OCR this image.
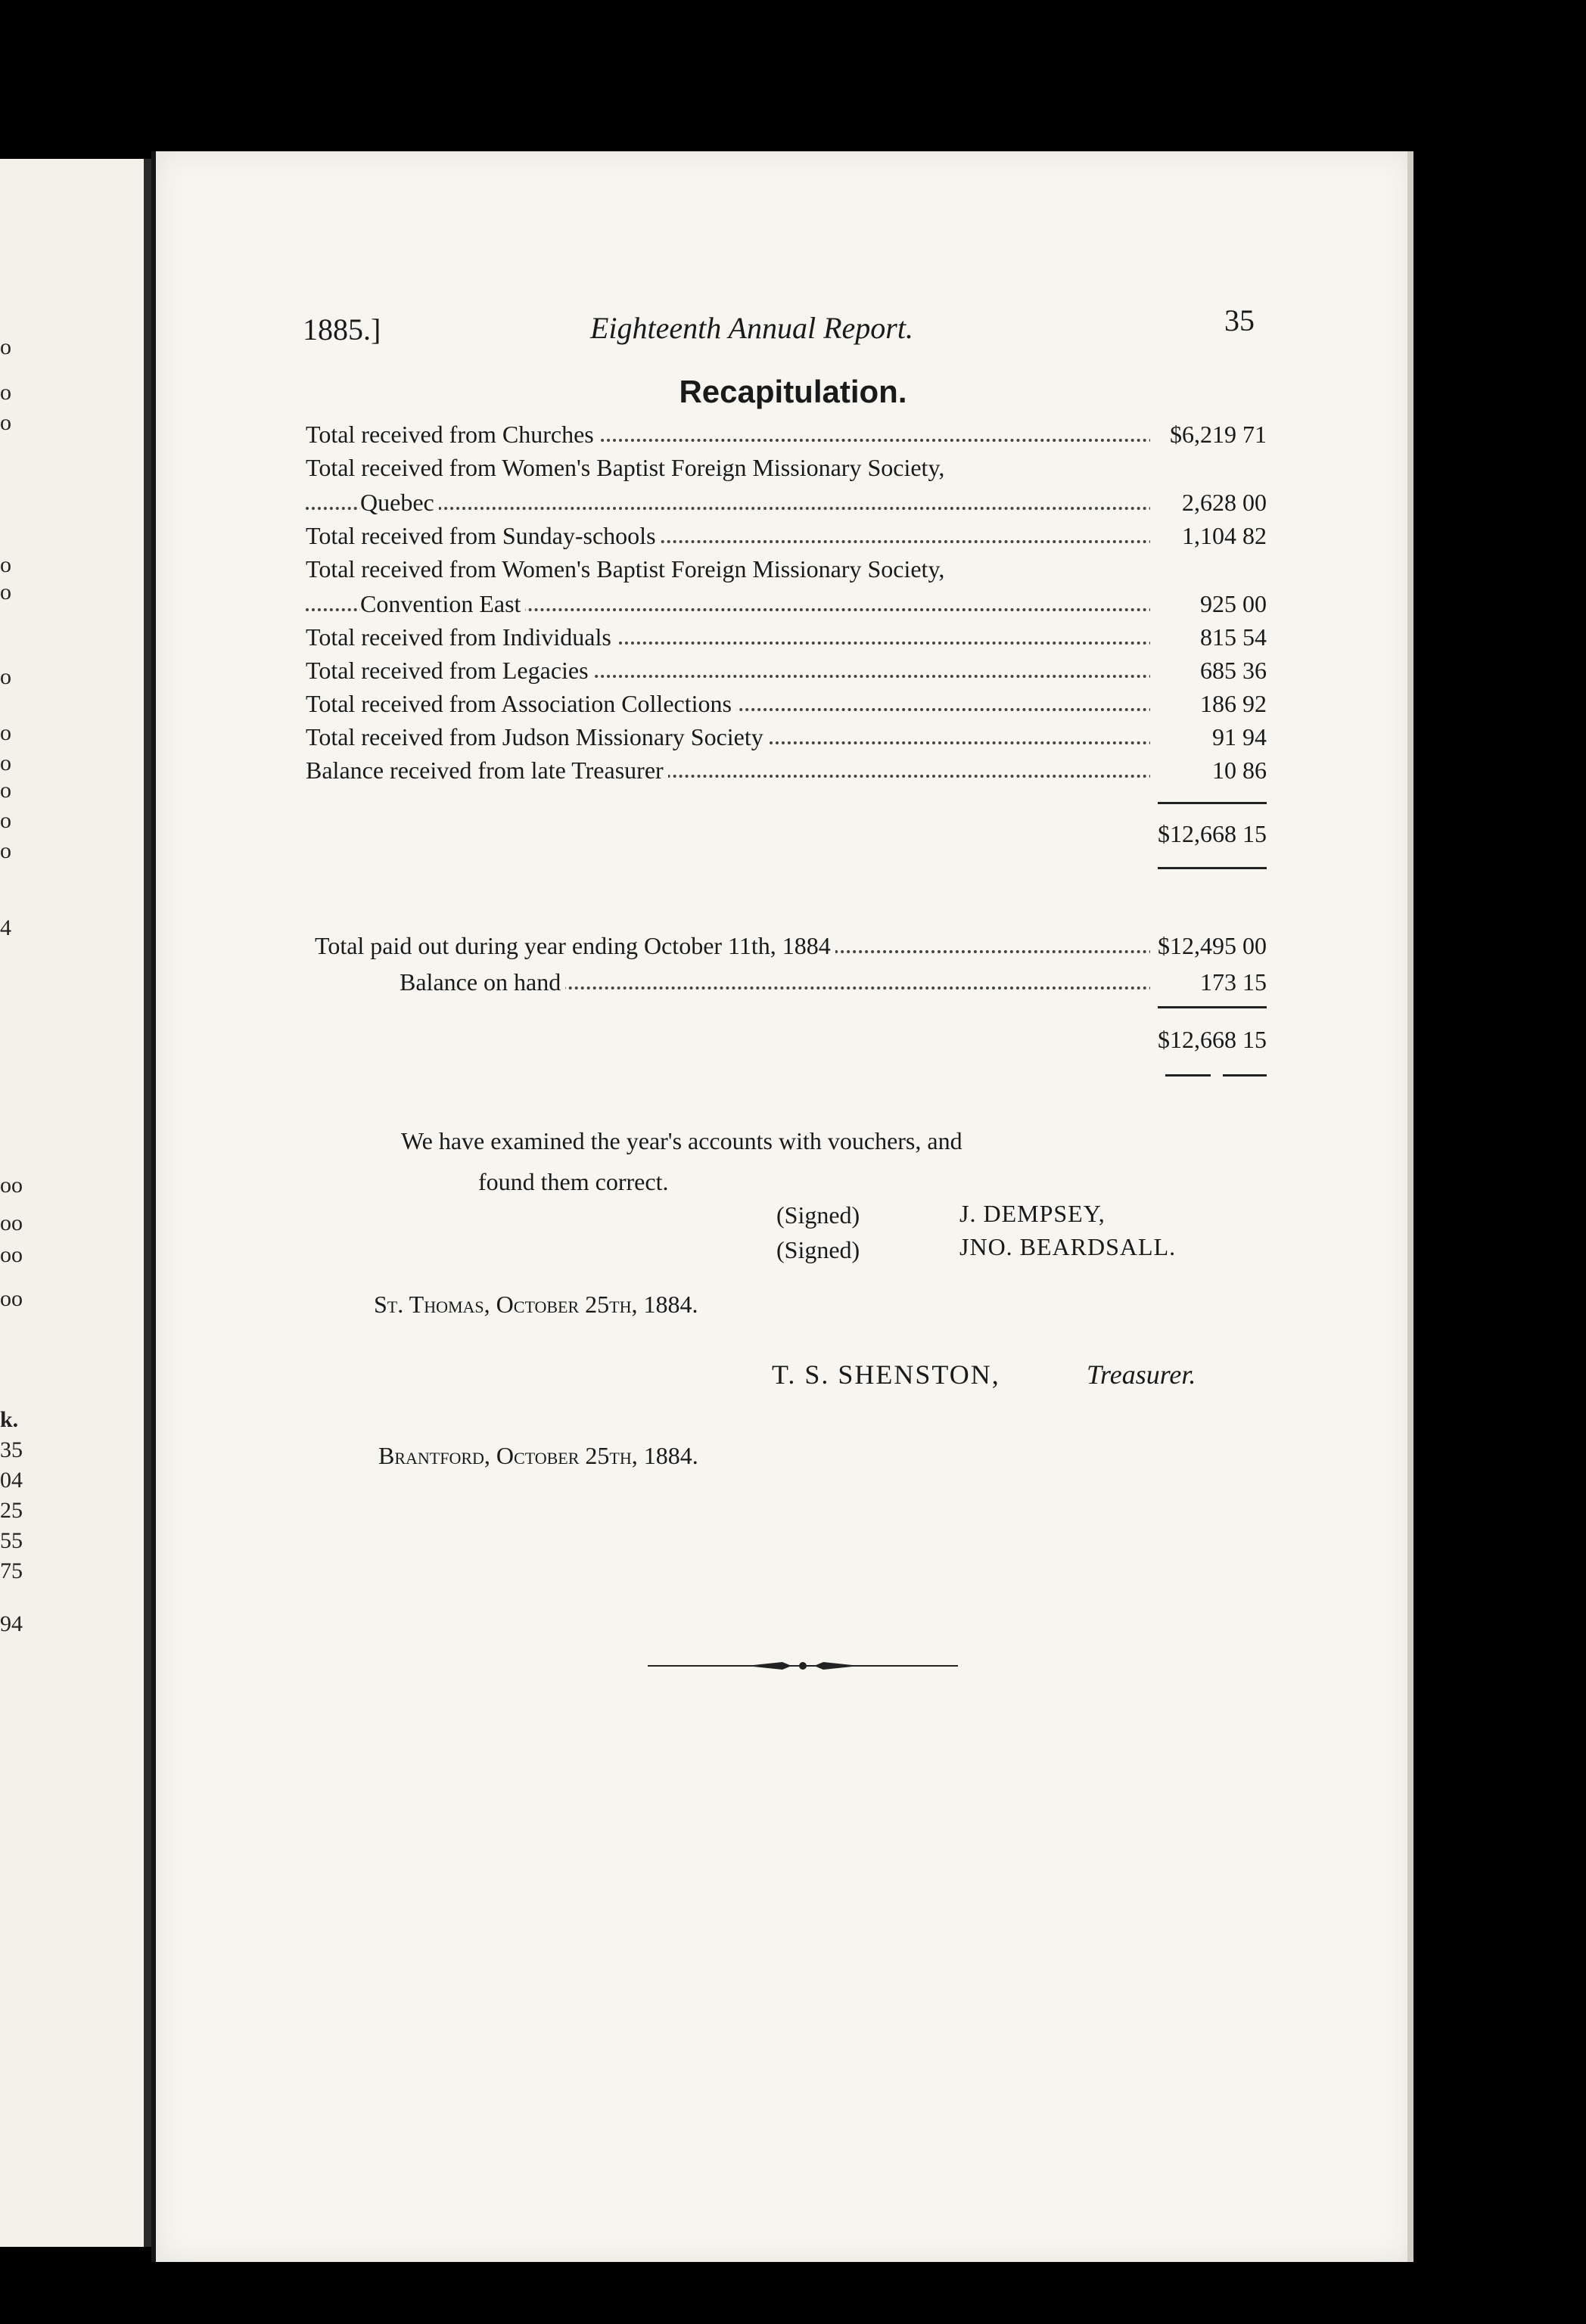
o
o
o
o
o
o
o
o
o
o
o
4
oo
oo
oo
oo
k.
35
04
25
55
75
94
1885.]	Eighteenth Annual Report.	35
Recapitulation.
Total received from Churches	$6,219 71
Total received from Women's Baptist Foreign Missionary Society,
Quebec	2,628 00
Total received from Sunday-schools	1,104 82
Total received from Women's Baptist Foreign Missionary Society,
Convention East	925 00
Total received from Individuals	815 54
Total received from Legacies	685 36
Total received from Association Collections	186 92
Total received from Judson Missionary Society	91 94
Balance received from late Treasurer	10 86
$12,668 15
Total paid out during year ending October 11th, 1884	$12,495 00
Balance on hand	173 15
$12,668 15
We have examined the year's accounts with vouchers, and
found them correct.
(Signed)	J. DEMPSEY,
(Signed)	JNO. BEARDSALL.
St. Thomas, October 25th, 1884.
T. S. SHENSTON,	Treasurer.
Brantford, October 25th, 1884.
